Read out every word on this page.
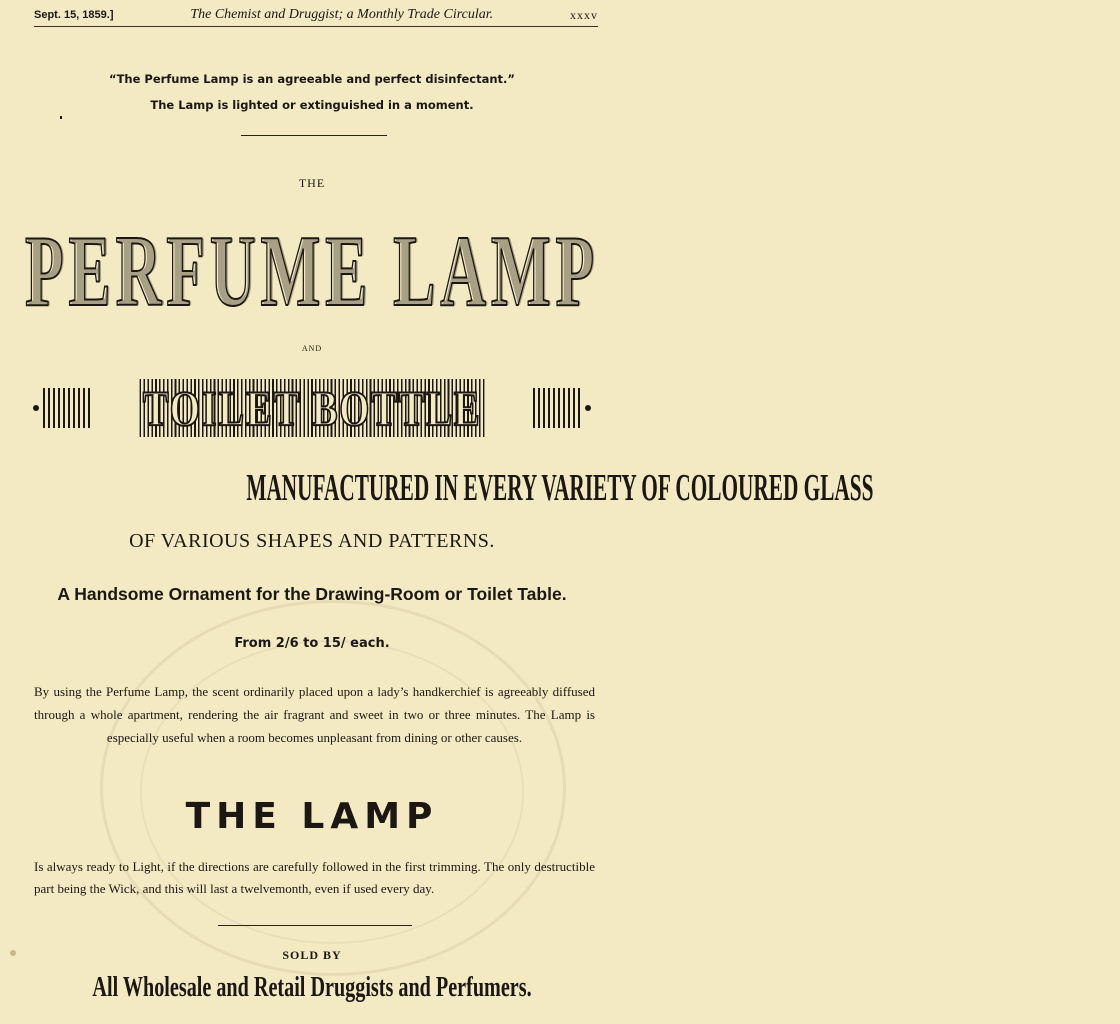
Sept. 15, 1859.]	The Chemist and Druggist; a Monthly Trade Circular.	xxxv
“The Perfume Lamp is an agreeable and perfect disinfectant.”
The Lamp is lighted or extinguished in a moment.
THE
PERFUME LAMP
AND
TOILET BOTTLE
MANUFACTURED IN EVERY VARIETY OF COLOURED GLASS
OF VARIOUS SHAPES AND PATTERNS.
A Handsome Ornament for the Drawing-Room or Toilet Table.
From 2/6 to 15/ each.
By using the Perfume Lamp, the scent ordinarily placed upon a lady’s handkerchief is agreeably diffused through a whole apartment, rendering the air fragrant and sweet in two or three minutes. The Lamp is especially useful when a room becomes unpleasant from dining or other causes.
THE LAMP
Is always ready to Light, if the directions are carefully followed in the first trimming. The only destructible part being the Wick, and this will last a twelvemonth, even if used every day.
SOLD BY
All Wholesale and Retail Druggists and Perfumers.
